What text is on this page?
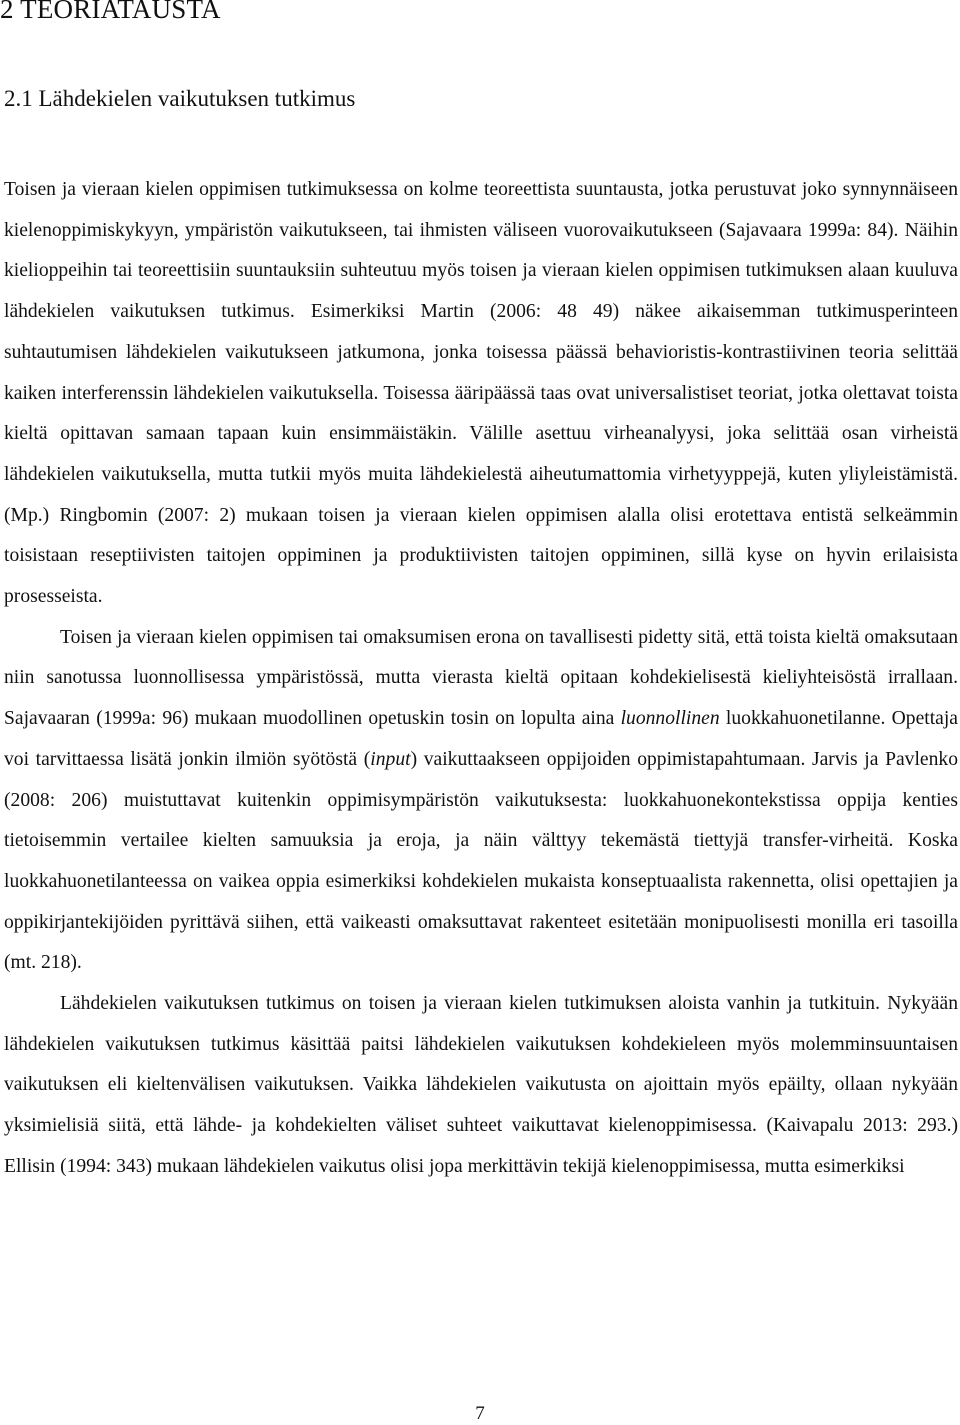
2 TEORIATAUSTA
2.1 Lähdekielen vaikutuksen tutkimus

Toisen ja vieraan kielen oppimisen tutkimuksessa on kolme teoreettista suuntausta, jotka perustuvat joko synnynnäiseen kielenoppimiskykyyn, ympäristön vaikutukseen, tai ihmisten väliseen vuorovaikutukseen (Sajavaara 1999a: 84). Näihin kielioppeihin tai teoreettisiin suuntauksiin suhteutuu myös toisen ja vieraan kielen oppimisen tutkimuksen alaan kuuluva lähdekielen vaikutuksen tutkimus. Esimerkiksi Martin (2006: 48 49) näkee aikaisemman tutkimusperinteen suhtautumisen lähdekielen vaikutukseen jatkumona, jonka toisessa päässä behavioristis-kontrastiivinen teoria selittää kaiken interferenssin lähdekielen vaikutuksella. Toisessa ääripäässä taas ovat universalistiset teoriat, jotka olettavat toista kieltä opittavan samaan tapaan kuin ensimmäistäkin. Välille asettuu virheanalyysi, joka selittää osan virheistä lähdekielen vaikutuksella, mutta tutkii myös muita lähdekielestä aiheutumattomia virhetyyppejä, kuten yliyleistämistä. (Mp.) Ringbomin (2007: 2) mukaan toisen ja vieraan kielen oppimisen alalla olisi erotettava entistä selkeämmin toisistaan reseptiivisten taitojen oppiminen ja produktiivisten taitojen oppiminen, sillä kyse on hyvin erilaisista prosesseista.

Toisen ja vieraan kielen oppimisen tai omaksumisen erona on tavallisesti pidetty sitä, että toista kieltä omaksutaan niin sanotussa luonnollisessa ympäristössä, mutta vierasta kieltä opitaan kohdekielisestä kieliyhteisöstä irrallaan. Sajavaaran (1999a: 96) mukaan muodollinen opetuskin tosin on lopulta aina luonnollinen luokkahuonetilanne. Opettaja voi tarvittaessa lisätä jonkin ilmiön syötöstä (input) vaikuttaakseen oppijoiden oppimistapahtumaan. Jarvis ja Pavlenko (2008: 206) muistuttavat kuitenkin oppimisympäristön vaikutuksesta: luokkahuonekontekstissa oppija kenties tietoisemmin vertailee kielten samuuksia ja eroja, ja näin välttyy tekemästä tiettyjä transfer-virheitä. Koska luokkahuonetilanteessa on vaikea oppia esimerkiksi kohdekielen mukaista konseptuaalista rakennetta, olisi opettajien ja oppikirjantekijöiden pyrittävä siihen, että vaikeasti omaksuttavat rakenteet esitetään monipuolisesti monilla eri tasoilla (mt. 218).

Lähdekielen vaikutuksen tutkimus on toisen ja vieraan kielen tutkimuksen aloista vanhin ja tutkituin. Nykyään lähdekielen vaikutuksen tutkimus käsittää paitsi lähdekielen vaikutuksen kohdekieleen myös molemminsuuntaisen vaikutuksen eli kieltenvälisen vaikutuksen. Vaikka lähdekielen vaikutusta on ajoittain myös epäilty, ollaan nykyään yksimielisiä siitä, että lähde- ja kohdekielten väliset suhteet vaikuttavat kielenoppimisessa. (Kaivapalu 2013: 293.) Ellisin (1994: 343) mukaan lähdekielen vaikutus olisi jopa merkittävin tekijä kielenoppimisessa, mutta esimerkiksi

7
